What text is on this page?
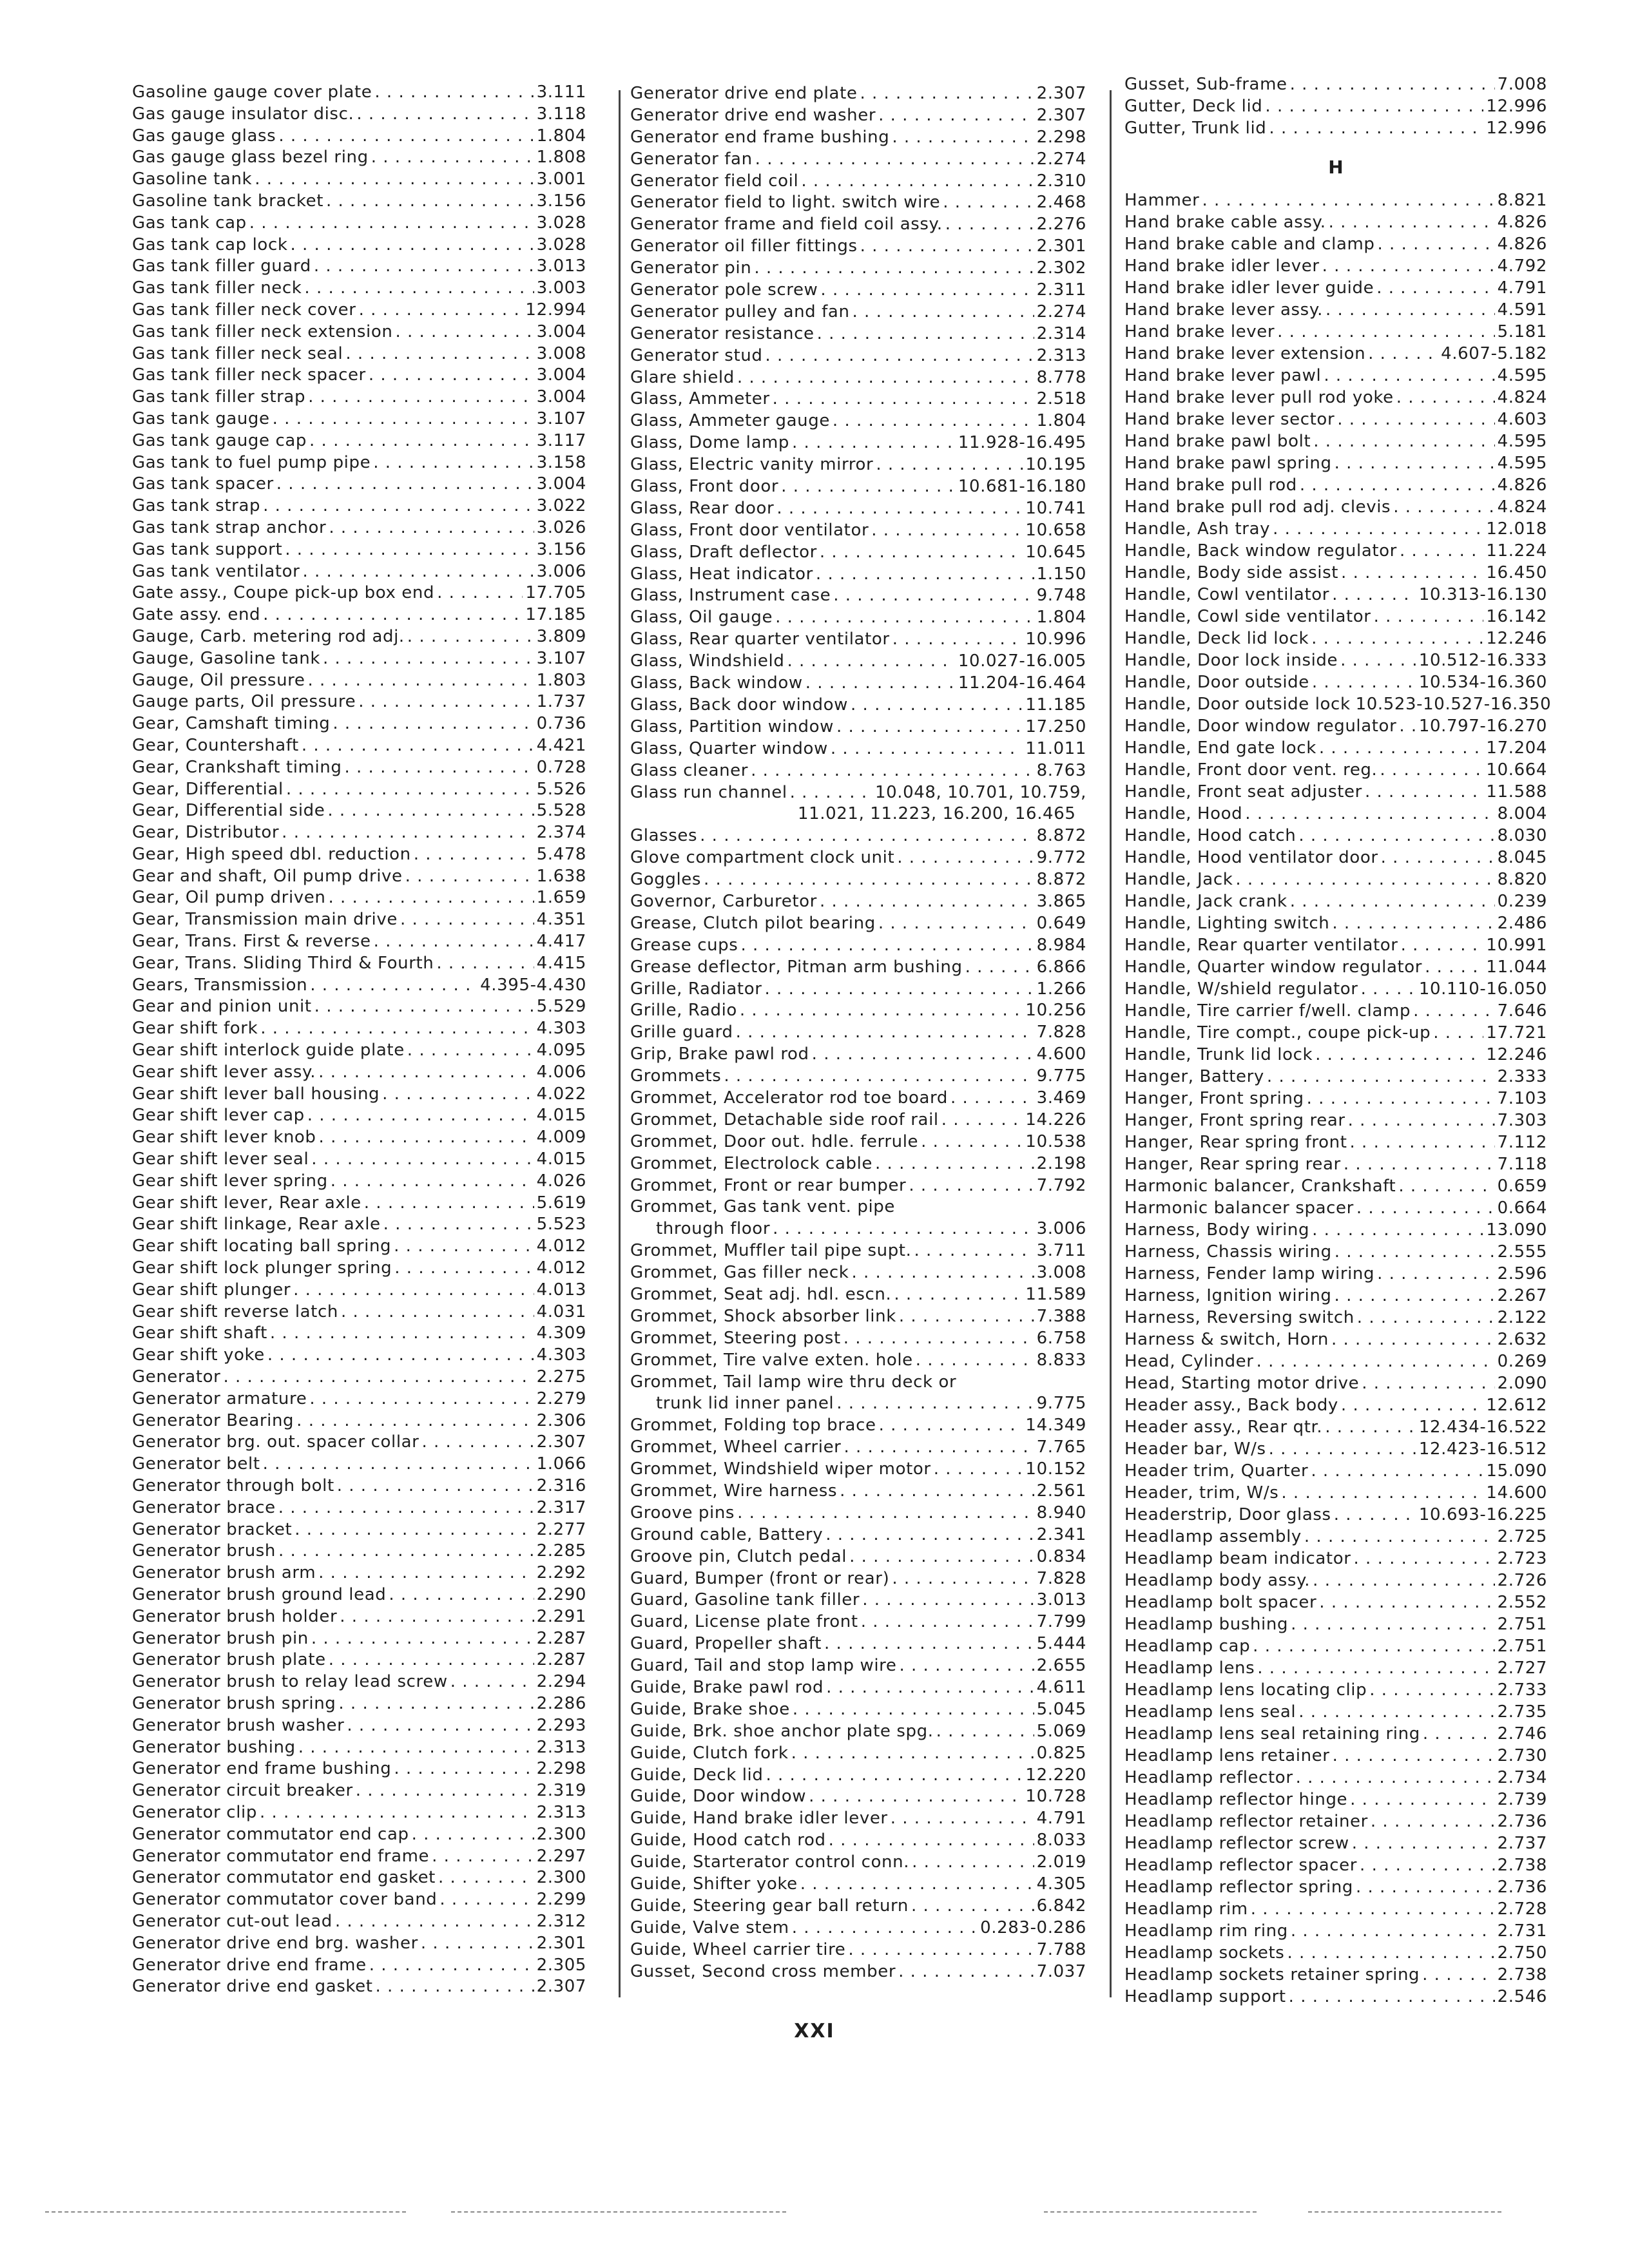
Gasoline gauge cover plate . . .	3.111
Gas gauge insulator disc. . . .	3.118
Gas gauge glass . . .	1.804
Gas gauge glass bezel ring . . .	1.808
Gasoline tank . . .	3.001
Gasoline tank bracket . . .	3.156
Gas tank cap . . .	3.028
Gas tank cap lock . . .	3.028
Gas tank filler guard . . .	3.013
Gas tank filler neck . . .	3.003
Gas tank filler neck cover . . .	12.994
Gas tank filler neck extension . . .	3.004
Gas tank filler neck seal . . .	3.008
Gas tank filler neck spacer . . .	3.004
Gas tank filler strap . . .	3.004
Gas tank gauge . . .	3.107
Gas tank gauge cap . . .	3.117
Gas tank to fuel pump pipe . . .	3.158
Gas tank spacer . . .	3.004
Gas tank strap . . .	3.022
Gas tank strap anchor . . .	3.026
Gas tank support . . .	3.156
Gas tank ventilator . . .	3.006
Gate assy., Coupe pick-up box end . . .	17.705
Gate assy. end . . .	17.185
Gauge, Carb. metering rod adj. . . .	3.809
Gauge, Gasoline tank . . .	3.107
Gauge, Oil pressure . . .	1.803
Gauge parts, Oil pressure . . .	1.737
Gear, Camshaft timing . . .	0.736
Gear, Countershaft . . .	4.421
Gear, Crankshaft timing . . .	0.728
Gear, Differential . . .	5.526
Gear, Differential side . . .	5.528
Gear, Distributor . . .	2.374
Gear, High speed dbl. reduction . . .	5.478
Gear and shaft, Oil pump drive . . .	1.638
Gear, Oil pump driven . . .	1.659
Gear, Transmission main drive . . .	4.351
Gear, Trans. First & reverse . . .	4.417
Gear, Trans. Sliding Third & Fourth . . .	4.415
Gears, Transmission . . .	4.395-4.430
Gear and pinion unit . . .	5.529
Gear shift fork . . .	4.303
Gear shift interlock guide plate . . .	4.095
Gear shift lever assy. . . .	4.006
Gear shift lever ball housing . . .	4.022
Gear shift lever cap . . .	4.015
Gear shift lever knob . . .	4.009
Gear shift lever seal . . .	4.015
Gear shift lever spring . . .	4.026
Gear shift lever, Rear axle . . .	5.619
Gear shift linkage, Rear axle . . .	5.523
Gear shift locating ball spring . . .	4.012
Gear shift lock plunger spring . . .	4.012
Gear shift plunger . . .	4.013
Gear shift reverse latch . . .	4.031
Gear shift shaft . . .	4.309
Gear shift yoke . . .	4.303
Generator . . .	2.275
Generator armature . . .	2.279
Generator Bearing . . .	2.306
Generator brg. out. spacer collar . . .	2.307
Generator belt . . .	1.066
Generator through bolt . . .	2.316
Generator brace . . .	2.317
Generator bracket . . .	2.277
Generator brush . . .	2.285
Generator brush arm . . .	2.292
Generator brush ground lead . . .	2.290
Generator brush holder . . .	2.291
Generator brush pin . . .	2.287
Generator brush plate . . .	2.287
Generator brush to relay lead screw . . .	2.294
Generator brush spring . . .	2.286
Generator brush washer . . .	2.293
Generator bushing . . .	2.313
Generator end frame bushing . . .	2.298
Generator circuit breaker . . .	2.319
Generator clip . . .	2.313
Generator commutator end cap . . .	2.300
Generator commutator end frame . . .	2.297
Generator commutator end gasket . . .	2.300
Generator commutator cover band . . .	2.299
Generator cut-out lead . . .	2.312
Generator drive end brg. washer . . .	2.301
Generator drive end frame . . .	2.305
Generator drive end gasket . . .	2.307
Generator drive end plate . . .	2.307
Generator drive end washer . . .	2.307
Generator end frame bushing . . .	2.298
Generator fan . . .	2.274
Generator field coil . . .	2.310
Generator field to light. switch wire . . .	2.468
Generator frame and field coil assy. . . .	2.276
Generator oil filler fittings . . .	2.301
Generator pin . . .	2.302
Generator pole screw . . .	2.311
Generator pulley and fan . . .	2.274
Generator resistance . . .	2.314
Generator stud . . .	2.313
Glare shield . . .	8.778
Glass, Ammeter . . .	2.518
Glass, Ammeter gauge . . .	1.804
Glass, Dome lamp . . .	11.928-16.495
Glass, Electric vanity mirror . . .	10.195
Glass, Front door . . .	10.681-16.180
Glass, Rear door . . .	10.741
Glass, Front door ventilator . . .	10.658
Glass, Draft deflector . . .	10.645
Glass, Heat indicator . . .	1.150
Glass, Instrument case . . .	9.748
Glass, Oil gauge . . .	1.804
Glass, Rear quarter ventilator . . .	10.996
Glass, Windshield . . .	10.027-16.005
Glass, Back window . . .	11.204-16.464
Glass, Back door window . . .	11.185
Glass, Partition window . . .	17.250
Glass, Quarter window . . .	11.011
Glass cleaner . . .	8.763
Glass run channel . . .	10.048, 10.701, 10.759,
11.021, 11.223, 16.200, 16.465
Glasses . . .	8.872
Glove compartment clock unit . . .	9.772
Goggles . . .	8.872
Governor, Carburetor . . .	3.865
Grease, Clutch pilot bearing . . .	0.649
Grease cups . . .	8.984
Grease deflector, Pitman arm bushing . . .	6.866
Grille, Radiator . . .	1.266
Grille, Radio . . .	10.256
Grille guard . . .	7.828
Grip, Brake pawl rod . . .	4.600
Grommets . . .	9.775
Grommet, Accelerator rod toe board . . .	3.469
Grommet, Detachable side roof rail . . .	14.226
Grommet, Door out. hdle. ferrule . . .	10.538
Grommet, Electrolock cable . . .	2.198
Grommet, Front or rear bumper . . .	7.792
Grommet, Gas tank vent. pipe
through floor . . .	3.006
Grommet, Muffler tail pipe supt. . . .	3.711
Grommet, Gas filler neck . . .	3.008
Grommet, Seat adj. hdl. escn. . . .	11.589
Grommet, Shock absorber link . . .	7.388
Grommet, Steering post . . .	6.758
Grommet, Tire valve exten. hole . . .	8.833
Grommet, Tail lamp wire thru deck or
trunk lid inner panel . . .	9.775
Grommet, Folding top brace . . .	14.349
Grommet, Wheel carrier . . .	7.765
Grommet, Windshield wiper motor . . .	10.152
Grommet, Wire harness . . .	2.561
Groove pins . . .	8.940
Ground cable, Battery . . .	2.341
Groove pin, Clutch pedal . . .	0.834
Guard, Bumper (front or rear) . . .	7.828
Guard, Gasoline tank filler . . .	3.013
Guard, License plate front . . .	7.799
Guard, Propeller shaft . . .	5.444
Guard, Tail and stop lamp wire . . .	2.655
Guide, Brake pawl rod . . .	4.611
Guide, Brake shoe . . .	5.045
Guide, Brk. shoe anchor plate spg. . . .	5.069
Guide, Clutch fork . . .	0.825
Guide, Deck lid . . .	12.220
Guide, Door window . . .	10.728
Guide, Hand brake idler lever . . .	4.791
Guide, Hood catch rod . . .	8.033
Guide, Starterator control conn. . . .	2.019
Guide, Shifter yoke . . .	4.305
Guide, Steering gear ball return . . .	6.842
Guide, Valve stem . . .	0.283-0.286
Guide, Wheel carrier tire . . .	7.788
Gusset, Second cross member . . .	7.037
Gusset, Sub-frame . . .	7.008
Gutter, Deck lid . . .	12.996
Gutter, Trunk lid . . .	12.996
H
Hammer . . .	8.821
Hand brake cable assy. . . .	4.826
Hand brake cable and clamp . . .	4.826
Hand brake idler lever . . .	4.792
Hand brake idler lever guide . . .	4.791
Hand brake lever assy. . . .	4.591
Hand brake lever . . .	5.181
Hand brake lever extension . . .	4.607-5.182
Hand brake lever pawl . . .	4.595
Hand brake lever pull rod yoke . . .	4.824
Hand brake lever sector . . .	4.603
Hand brake pawl bolt . . .	4.595
Hand brake pawl spring . . .	4.595
Hand brake pull rod . . .	4.826
Hand brake pull rod adj. clevis . . .	4.824
Handle, Ash tray . . .	12.018
Handle, Back window regulator . . .	11.224
Handle, Body side assist . . .	16.450
Handle, Cowl ventilator . . .	10.313-16.130
Handle, Cowl side ventilator . . .	16.142
Handle, Deck lid lock . . .	12.246
Handle, Door lock inside . . .	10.512-16.333
Handle, Door outside . . .	10.534-16.360
Handle, Door outside lock 10.523-10.527-16.350
Handle, Door window regulator . . . 10.797-16.270
Handle, End gate lock . . .	17.204
Handle, Front door vent. reg. . . .	10.664
Handle, Front seat adjuster . . .	11.588
Handle, Hood . . .	8.004
Handle, Hood catch . . .	8.030
Handle, Hood ventilator door . . .	8.045
Handle, Jack . . .	8.820
Handle, Jack crank . . .	0.239
Handle, Lighting switch . . .	2.486
Handle, Rear quarter ventilator . . .	10.991
Handle, Quarter window regulator . . .	11.044
Handle, W/shield regulator . . .	10.110-16.050
Handle, Tire carrier f/well. clamp . . .	7.646
Handle, Tire compt., coupe pick-up . . .	17.721
Handle, Trunk lid lock . . .	12.246
Hanger, Battery . . .	2.333
Hanger, Front spring . . .	7.103
Hanger, Front spring rear . . .	7.303
Hanger, Rear spring front . . .	7.112
Hanger, Rear spring rear . . .	7.118
Harmonic balancer, Crankshaft . . .	0.659
Harmonic balancer spacer . . .	0.664
Harness, Body wiring . . .	13.090
Harness, Chassis wiring . . .	2.555
Harness, Fender lamp wiring . . .	2.596
Harness, Ignition wiring . . .	2.267
Harness, Reversing switch . . .	2.122
Harness & switch, Horn . . .	2.632
Head, Cylinder . . .	0.269
Head, Starting motor drive . . .	2.090
Header assy., Back body . . .	12.612
Header assy., Rear qtr. . . .	12.434-16.522
Header bar, W/s . . .	12.423-16.512
Header trim, Quarter . . .	15.090
Header, trim, W/s . . .	14.600
Headerstrip, Door glass . . .	10.693-16.225
Headlamp assembly . . .	2.725
Headlamp beam indicator . . .	2.723
Headlamp body assy. . . .	2.726
Headlamp bolt spacer . . .	2.552
Headlamp bushing . . .	2.751
Headlamp cap . . .	2.751
Headlamp lens . . .	2.727
Headlamp lens locating clip . . .	2.733
Headlamp lens seal . . .	2.735
Headlamp lens seal retaining ring . . .	2.746
Headlamp lens retainer . . .	2.730
Headlamp reflector . . .	2.734
Headlamp reflector hinge . . .	2.739
Headlamp reflector retainer . . .	2.736
Headlamp reflector screw . . .	2.737
Headlamp reflector spacer . . .	2.738
Headlamp reflector spring . . .	2.736
Headlamp rim . . .	2.728
Headlamp rim ring . . .	2.731
Headlamp sockets . . .	2.750
Headlamp sockets retainer spring . . .	2.738
Headlamp support . . .	2.546
XXI
